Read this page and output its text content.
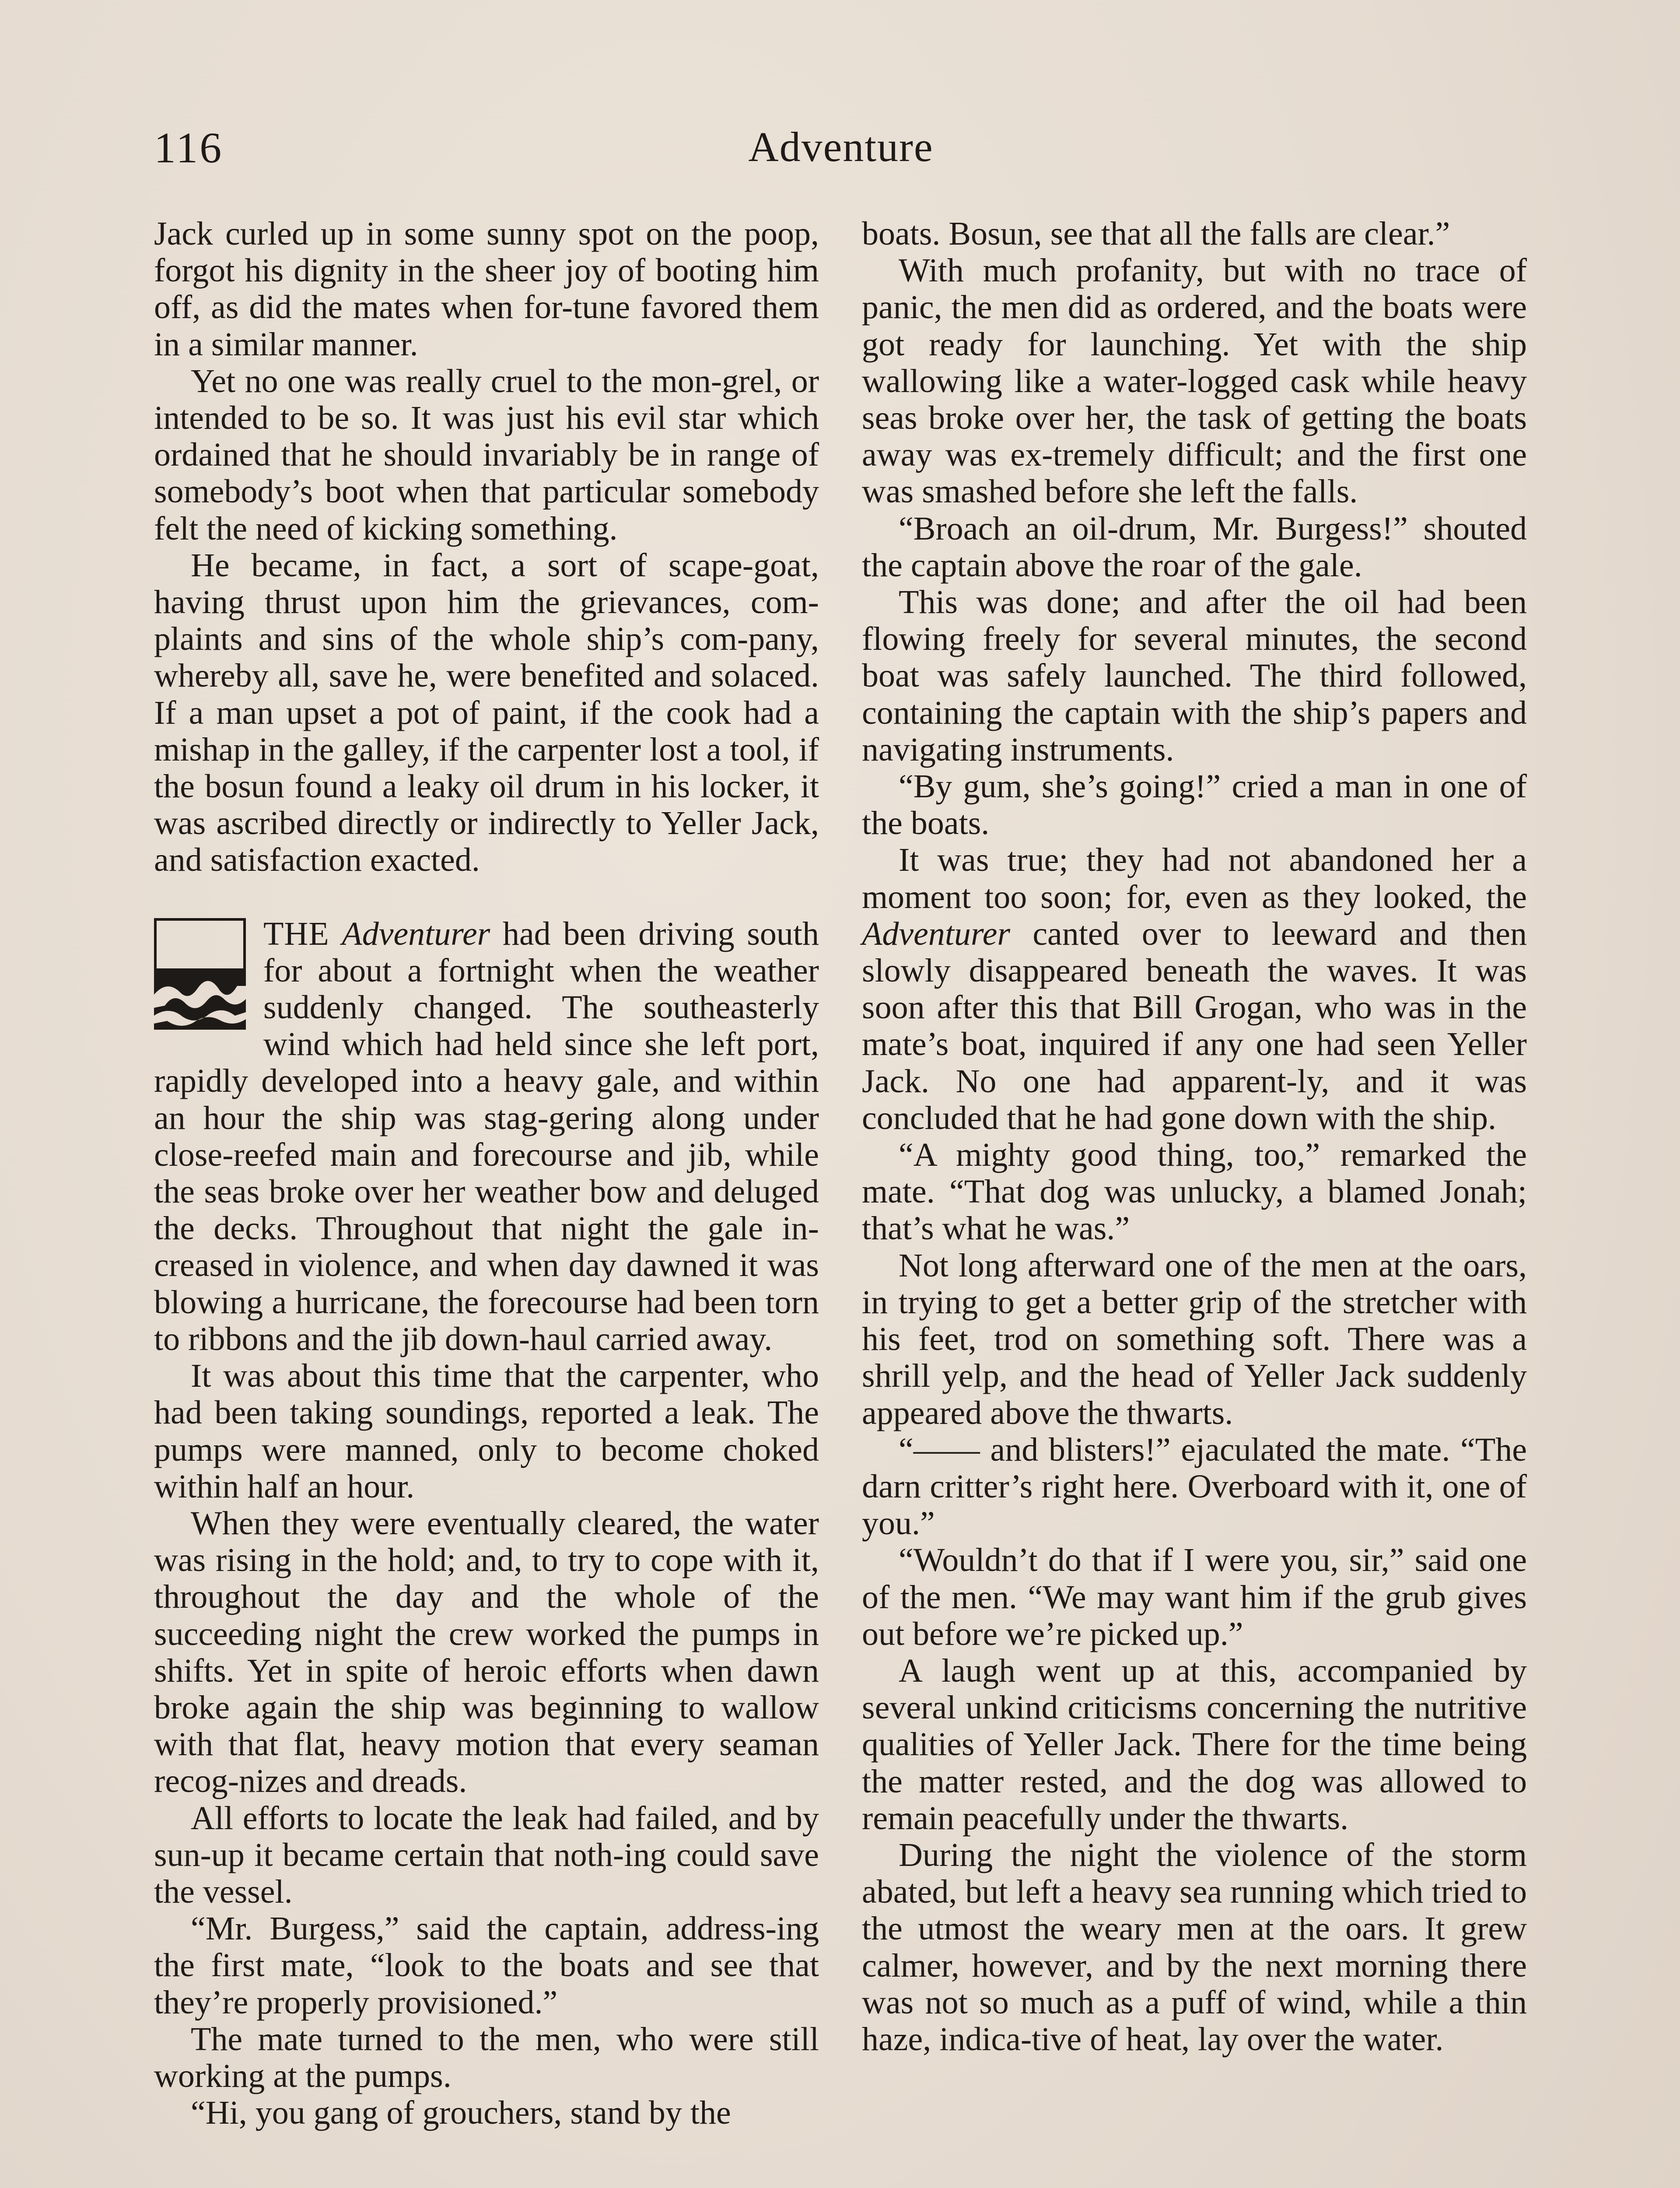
116	Adventure

Jack curled up in some sunny spot on the poop, forgot his dignity in the sheer joy of booting him off, as did the mates when for-tune favored them in a similar manner.

Yet no one was really cruel to the mon-grel, or intended to be so. It was just his evil star which ordained that he should invariably be in range of somebody’s boot when that particular somebody felt the need of kicking something.

He became, in fact, a sort of scape-goat, having thrust upon him the grievances, com-plaints and sins of the whole ship’s com-pany, whereby all, save he, were benefited and solaced. If a man upset a pot of paint, if the cook had a mishap in the galley, if the carpenter lost a tool, if the bosun found a leaky oil drum in his locker, it was ascribed directly or indirectly to Yeller Jack, and satisfaction exacted.

THE Adventurer had been driving south for about a fortnight when the weather suddenly changed. The southeasterly wind which had held since she left port, rapidly developed into a heavy gale, and within an hour the ship was stag-gering along under close-reefed main and forecourse and jib, while the seas broke over her weather bow and deluged the decks. Throughout that night the gale in-creased in violence, and when day dawned it was blowing a hurricane, the forecourse had been torn to ribbons and the jib down-haul carried away.

It was about this time that the carpenter, who had been taking soundings, reported a leak. The pumps were manned, only to become choked within half an hour.

When they were eventually cleared, the water was rising in the hold; and, to try to cope with it, throughout the day and the whole of the succeeding night the crew worked the pumps in shifts. Yet in spite of heroic efforts when dawn broke again the ship was beginning to wallow with that flat, heavy motion that every seaman recog-nizes and dreads.

All efforts to locate the leak had failed, and by sun-up it became certain that noth-ing could save the vessel.

“Mr. Burgess,” said the captain, address-ing the first mate, “look to the boats and see that they’re properly provisioned.”

The mate turned to the men, who were still working at the pumps.

“Hi, you gang of grouchers, stand by the

boats. Bosun, see that all the falls are clear.”

With much profanity, but with no trace of panic, the men did as ordered, and the boats were got ready for launching. Yet with the ship wallowing like a water-logged cask while heavy seas broke over her, the task of getting the boats away was ex-tremely difficult; and the first one was smashed before she left the falls.

“Broach an oil-drum, Mr. Burgess!” shouted the captain above the roar of the gale.

This was done; and after the oil had been flowing freely for several minutes, the second boat was safely launched. The third followed, containing the captain with the ship’s papers and navigating instruments.

“By gum, she’s going!” cried a man in one of the boats.

It was true; they had not abandoned her a moment too soon; for, even as they looked, the Adventurer canted over to leeward and then slowly disappeared beneath the waves. It was soon after this that Bill Grogan, who was in the mate’s boat, inquired if any one had seen Yeller Jack. No one had apparent-ly, and it was concluded that he had gone down with the ship.

“A mighty good thing, too,” remarked the mate. “That dog was unlucky, a blamed Jonah; that’s what he was.”

Not long afterward one of the men at the oars, in trying to get a better grip of the stretcher with his feet, trod on something soft. There was a shrill yelp, and the head of Yeller Jack suddenly appeared above the thwarts.

“—— and blisters!” ejaculated the mate. “The darn critter’s right here. Overboard with it, one of you.”

“Wouldn’t do that if I were you, sir,” said one of the men. “We may want him if the grub gives out before we’re picked up.”

A laugh went up at this, accompanied by several unkind criticisms concerning the nutritive qualities of Yeller Jack. There for the time being the matter rested, and the dog was allowed to remain peacefully under the thwarts.

During the night the violence of the storm abated, but left a heavy sea running which tried to the utmost the weary men at the oars. It grew calmer, however, and by the next morning there was not so much as a puff of wind, while a thin haze, indica-tive of heat, lay over the water.
